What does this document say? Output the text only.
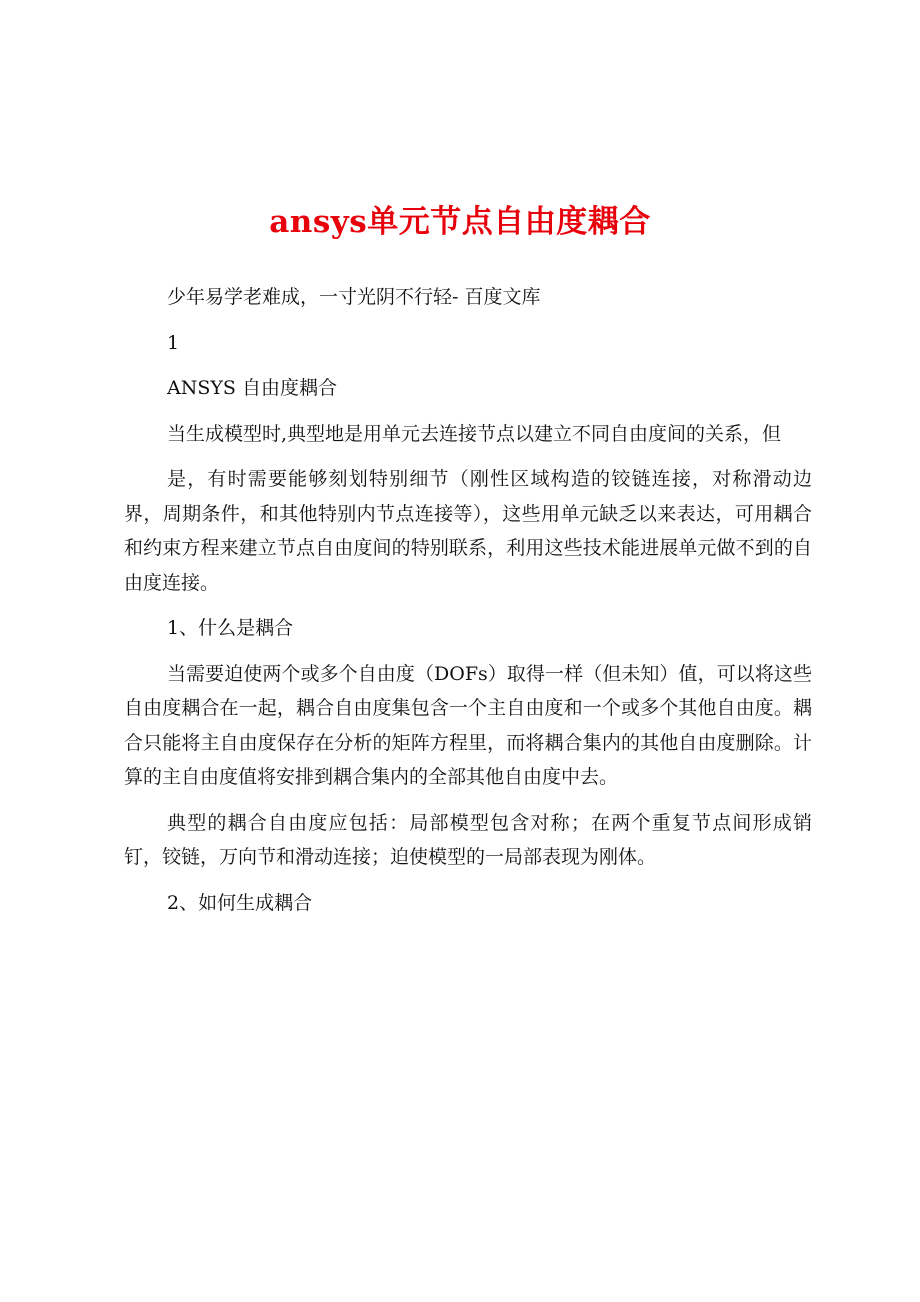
ansys单元节点自由度耦合

少年易学老难成，一寸光阴不行轻- 百度文库

1

ANSYS 自由度耦合

当生成模型时,典型地是用单元去连接节点以建立不同自由度间的关系，但

是，有时需要能够刻划特别细节（刚性区域构造的铰链连接，对称滑动边界，周期条件，和其他特别内节点连接等），这些用单元缺乏以来表达，可用耦合和约束方程来建立节点自由度间的特别联系，利用这些技术能进展单元做不到的自由度连接。

1、什么是耦合

当需要迫使两个或多个自由度（DOFs）取得一样（但未知）值，可以将这些自由度耦合在一起，耦合自由度集包含一个主自由度和一个或多个其他自由度。耦合只能将主自由度保存在分析的矩阵方程里，而将耦合集内的其他自由度删除。计算的主自由度值将安排到耦合集内的全部其他自由度中去。

典型的耦合自由度应包括：局部模型包含对称；在两个重复节点间形成销钉，铰链，万向节和滑动连接；迫使模型的一局部表现为刚体。

2、如何生成耦合
